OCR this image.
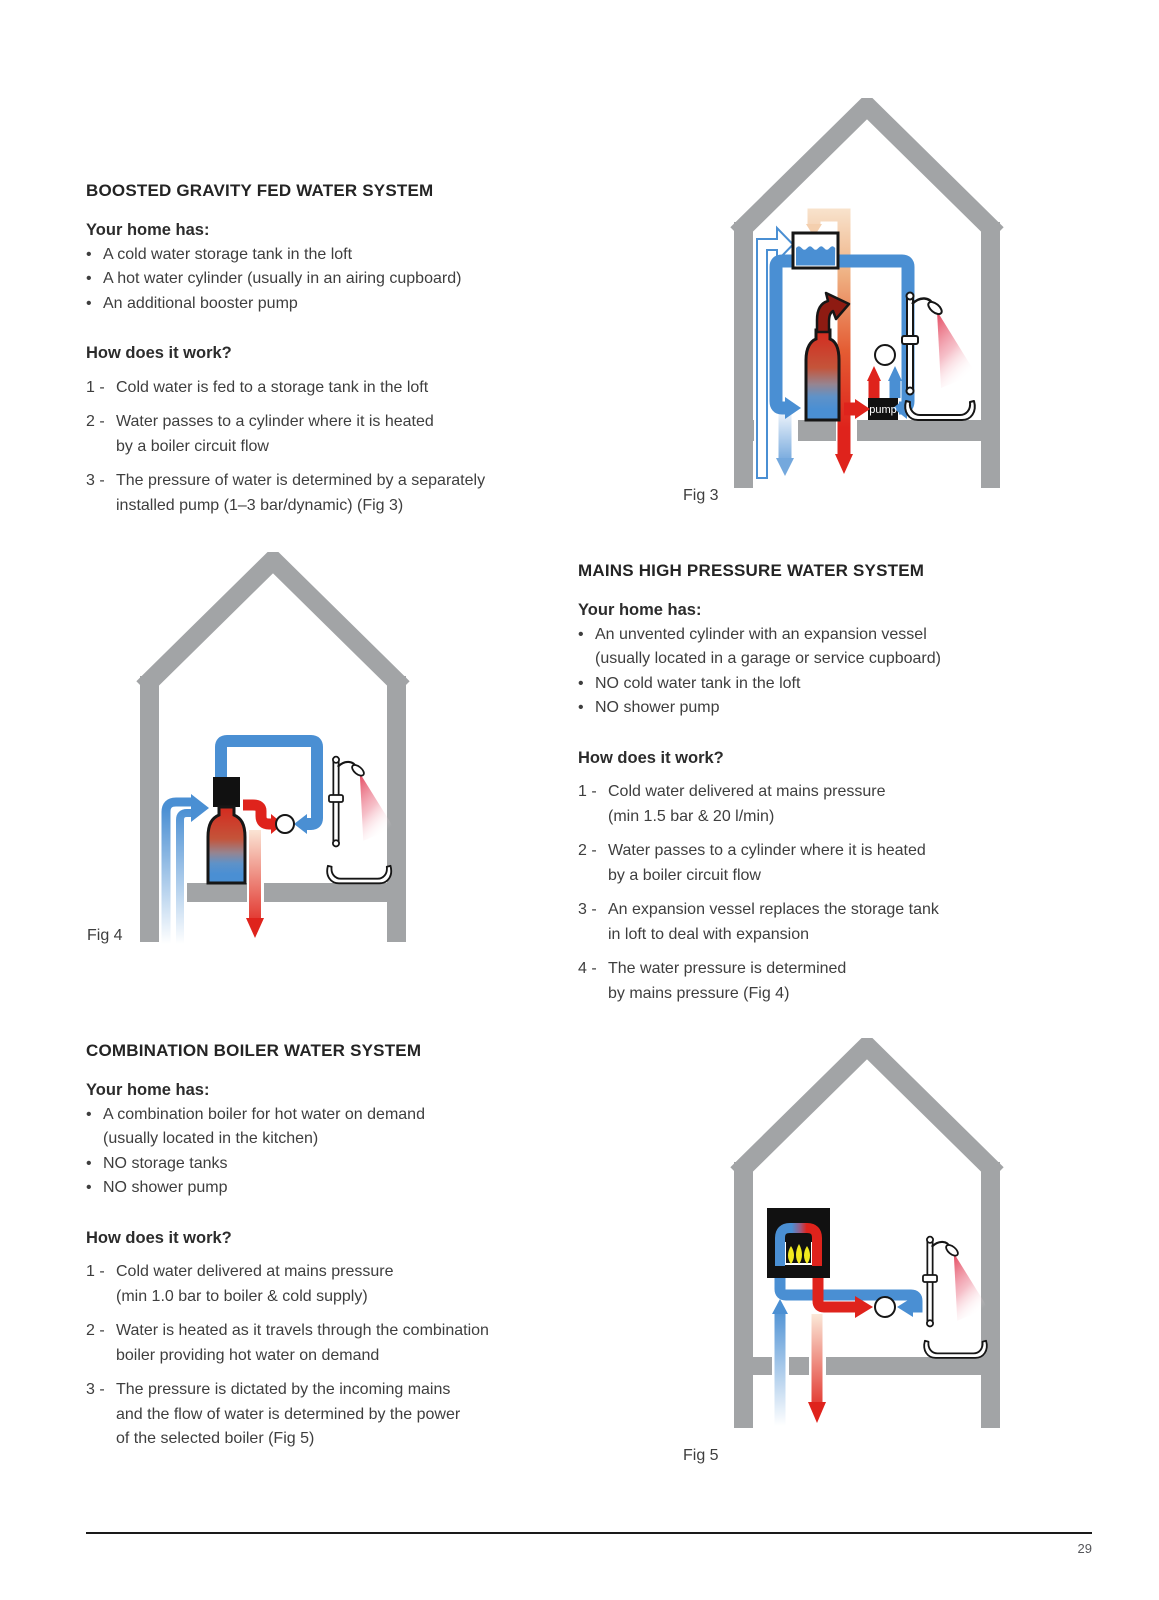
BOOSTED GRAVITY FED WATER SYSTEM
Your home has:
• A cold water storage tank in the loft
• A hot water cylinder (usually in an airing cupboard)
• An additional booster pump
How does it work?
1 - Cold water is fed to a storage tank in the loft
2 - Water passes to a cylinder where it is heated
by a boiler circuit flow
3 - The pressure of water is determined by a separately
installed pump (1–3 bar/dynamic) (Fig 3)
pump
Fig 3
MAINS HIGH PRESSURE WATER SYSTEM
Your home has:
• An unvented cylinder with an expansion vessel
(usually located in a garage or service cupboard)
• NO cold water tank in the loft
• NO shower pump
How does it work?
1 - Cold water delivered at mains pressure
(min 1.5 bar & 20 l/min)
2 - Water passes to a cylinder where it is heated
by a boiler circuit flow
3 - An expansion vessel replaces the storage tank
in loft to deal with expansion
4 - The water pressure is determined
by mains pressure (Fig 4)
Fig 4
COMBINATION BOILER WATER SYSTEM
Your home has:
• A combination boiler for hot water on demand
(usually located in the kitchen)
• NO storage tanks
• NO shower pump
How does it work?
1 - Cold water delivered at mains pressure
(min 1.0 bar to boiler & cold supply)
2 - Water is heated as it travels through the combination
boiler providing hot water on demand
3 - The pressure is dictated by the incoming mains
and the flow of water is determined by the power
of the selected boiler (Fig 5)
Fig 5
29
